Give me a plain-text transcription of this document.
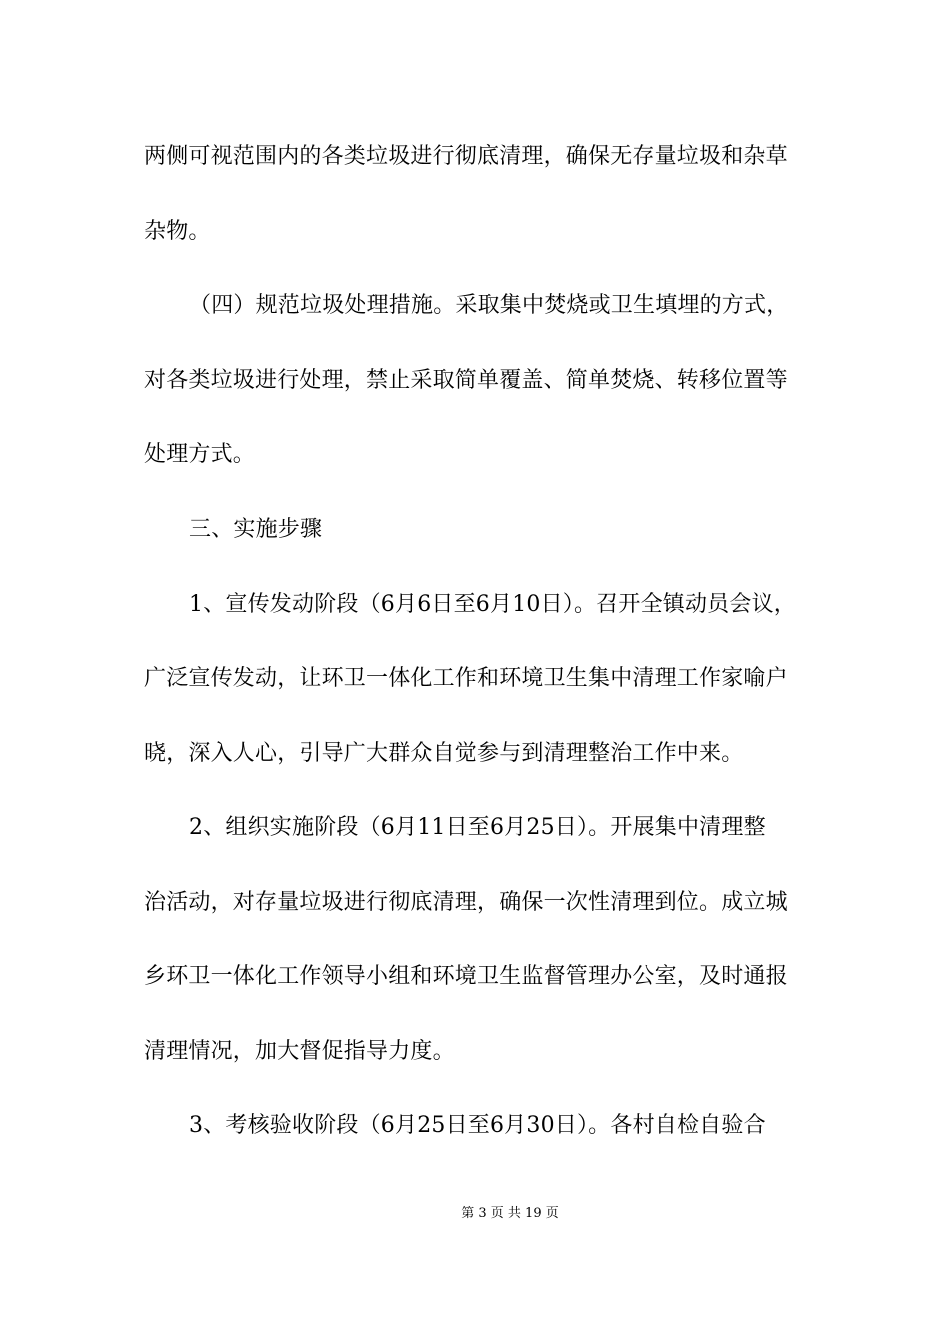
两侧可视范围内的各类垃圾进行彻底清理，确保无存量垃圾和杂草
杂物。
（四）规范垃圾处理措施。采取集中焚烧或卫生填埋的方式，
对各类垃圾进行处理，禁止采取简单覆盖、简单焚烧、转移位置等
处理方式。
三、实施步骤
1、宣传发动阶段（6月6日至6月10日）。召开全镇动员会议，
广泛宣传发动，让环卫一体化工作和环境卫生集中清理工作家喻户
晓，深入人心，引导广大群众自觉参与到清理整治工作中来。
2、组织实施阶段（6月11日至6月25日）。开展集中清理整
治活动，对存量垃圾进行彻底清理，确保一次性清理到位。成立城
乡环卫一体化工作领导小组和环境卫生监督管理办公室，及时通报
清理情况，加大督促指导力度。
3、考核验收阶段（6月25日至6月30日）。各村自检自验合
第 3 页 共 19 页
